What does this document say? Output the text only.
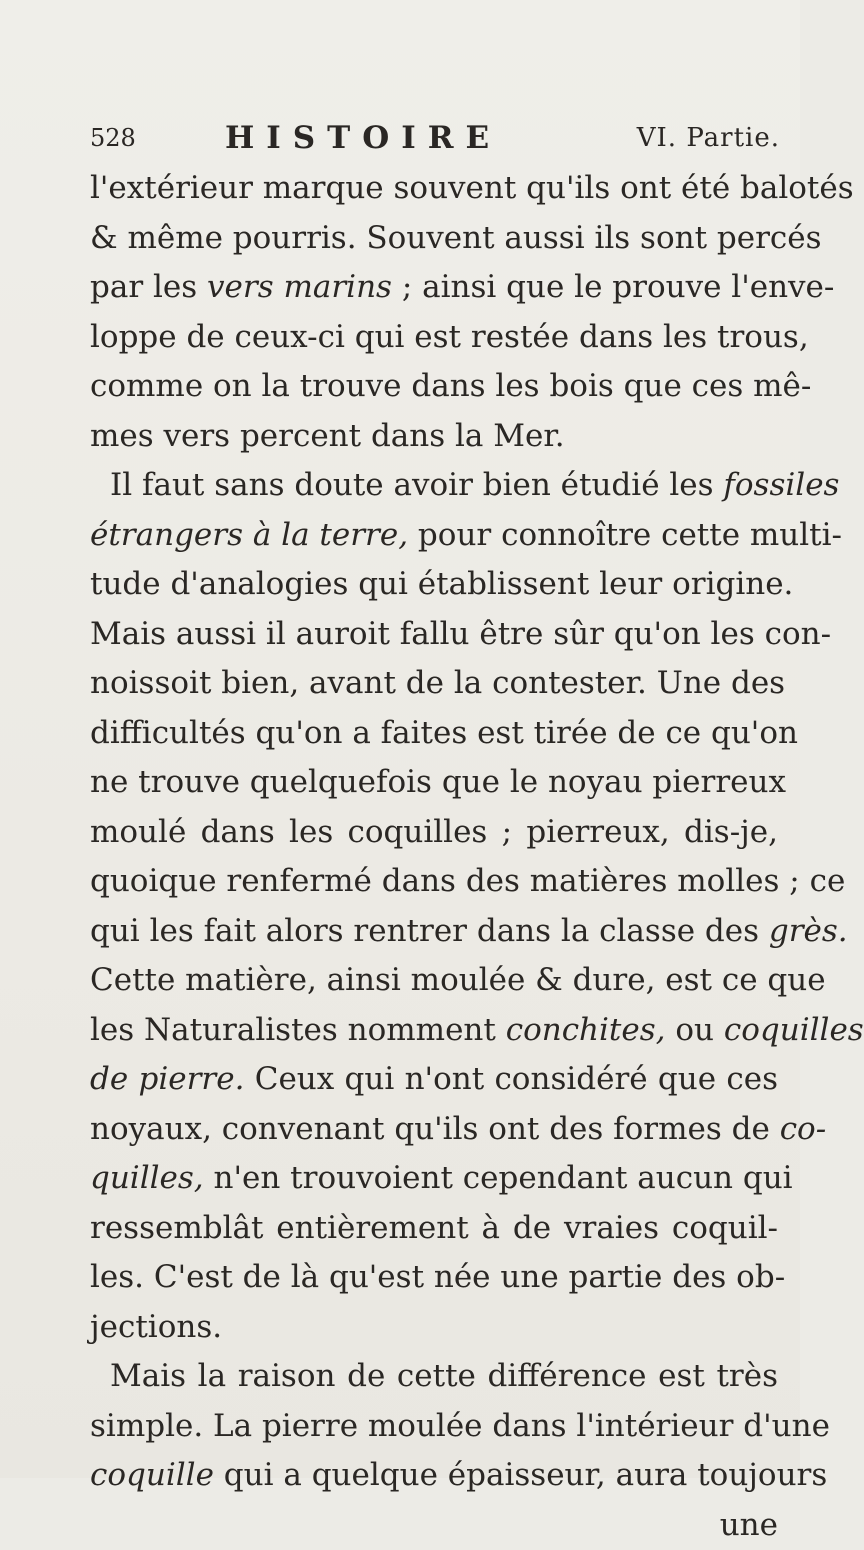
528	HISTOIRE	VI. Partie.
l'extérieur marque souvent qu'ils ont été balotés
& même pourris. Souvent aussi ils sont percés
par les vers marins ; ainsi que le prouve l'enve-
loppe de ceux-ci qui est restée dans les trous,
comme on la trouve dans les bois que ces mê-
mes vers percent dans la Mer.
Il faut sans doute avoir bien étudié les fossiles
étrangers à la terre, pour connoître cette multi-
tude d'analogies qui établissent leur origine.
Mais aussi il auroit fallu être sûr qu'on les con-
noissoit bien, avant de la contester. Une des
difficultés qu'on a faites est tirée de ce qu'on
ne trouve quelquefois que le noyau pierreux
moulé dans les coquilles ; pierreux, dis-je,
quoique renfermé dans des matières molles ; ce
qui les fait alors rentrer dans la classe des grès.
Cette matière, ainsi moulée & dure, est ce que
les Naturalistes nomment conchites, ou coquilles
de pierre. Ceux qui n'ont considéré que ces
noyaux, convenant qu'ils ont des formes de co-
quilles, n'en trouvoient cependant aucun qui
ressemblât entièrement à de vraies coquil-
les. C'est de là qu'est née une partie des ob-
jections.
Mais la raison de cette différence est très
simple. La pierre moulée dans l'intérieur d'une
coquille qui a quelque épaisseur, aura toujours
une
